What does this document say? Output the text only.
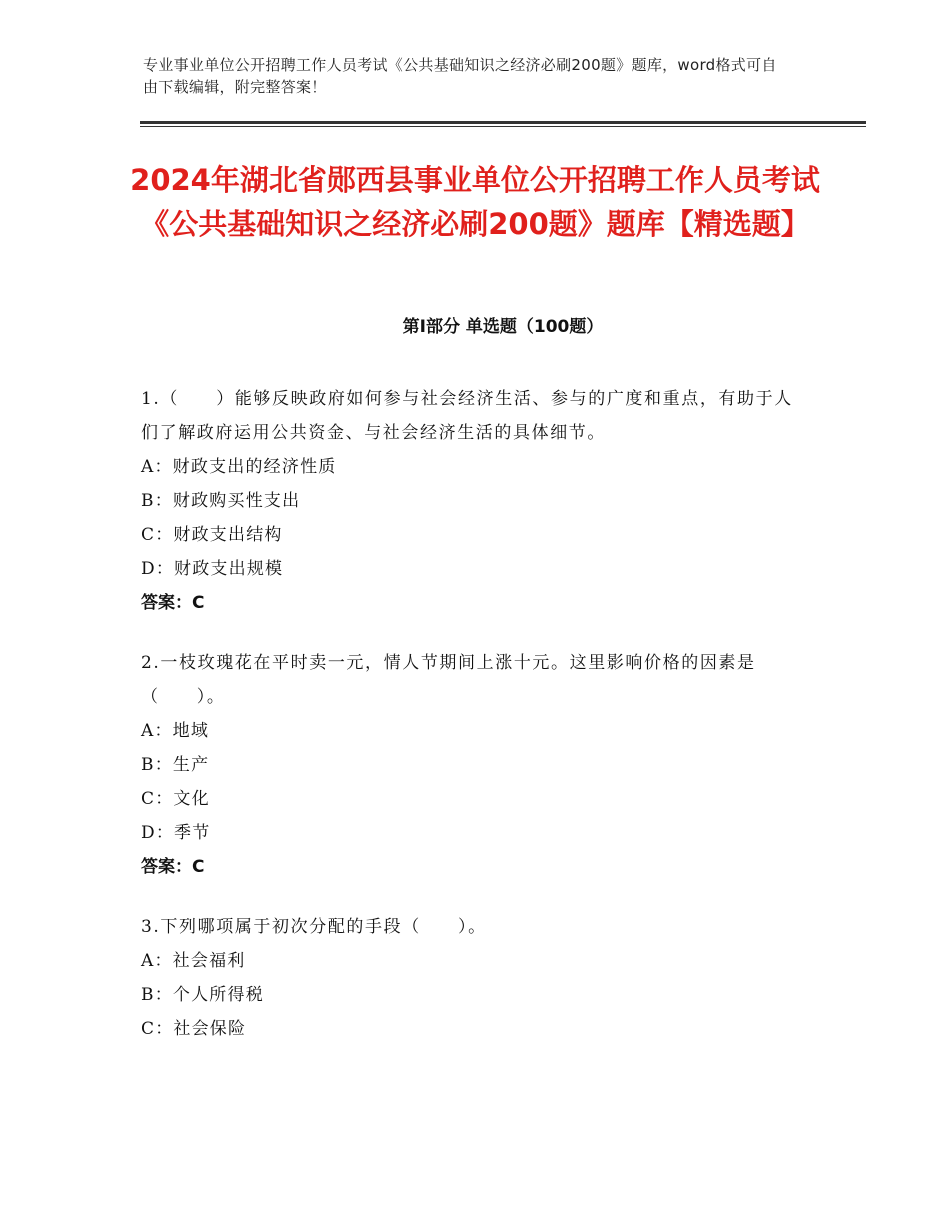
专业事业单位公开招聘工作人员考试《公共基础知识之经济必刷200题》题库，word格式可自由下载编辑，附完整答案！
2024年湖北省郧西县事业单位公开招聘工作人员考试《公共基础知识之经济必刷200题》题库【精选题】
第Ⅰ部分 单选题（100题）

1.（　　）能够反映政府如何参与社会经济生活、参与的广度和重点，有助于人们了解政府运用公共资金、与社会经济生活的具体细节。

A：财政支出的经济性质

B：财政购买性支出

C：财政支出结构

D：财政支出规模

答案：C

2.一枝玫瑰花在平时卖一元，情人节期间上涨十元。这里影响价格的因素是（　　）。

A：地域

B：生产

C：文化

D：季节

答案：C

3.下列哪项属于初次分配的手段（　　）。

A：社会福利

B：个人所得税

C：社会保险
